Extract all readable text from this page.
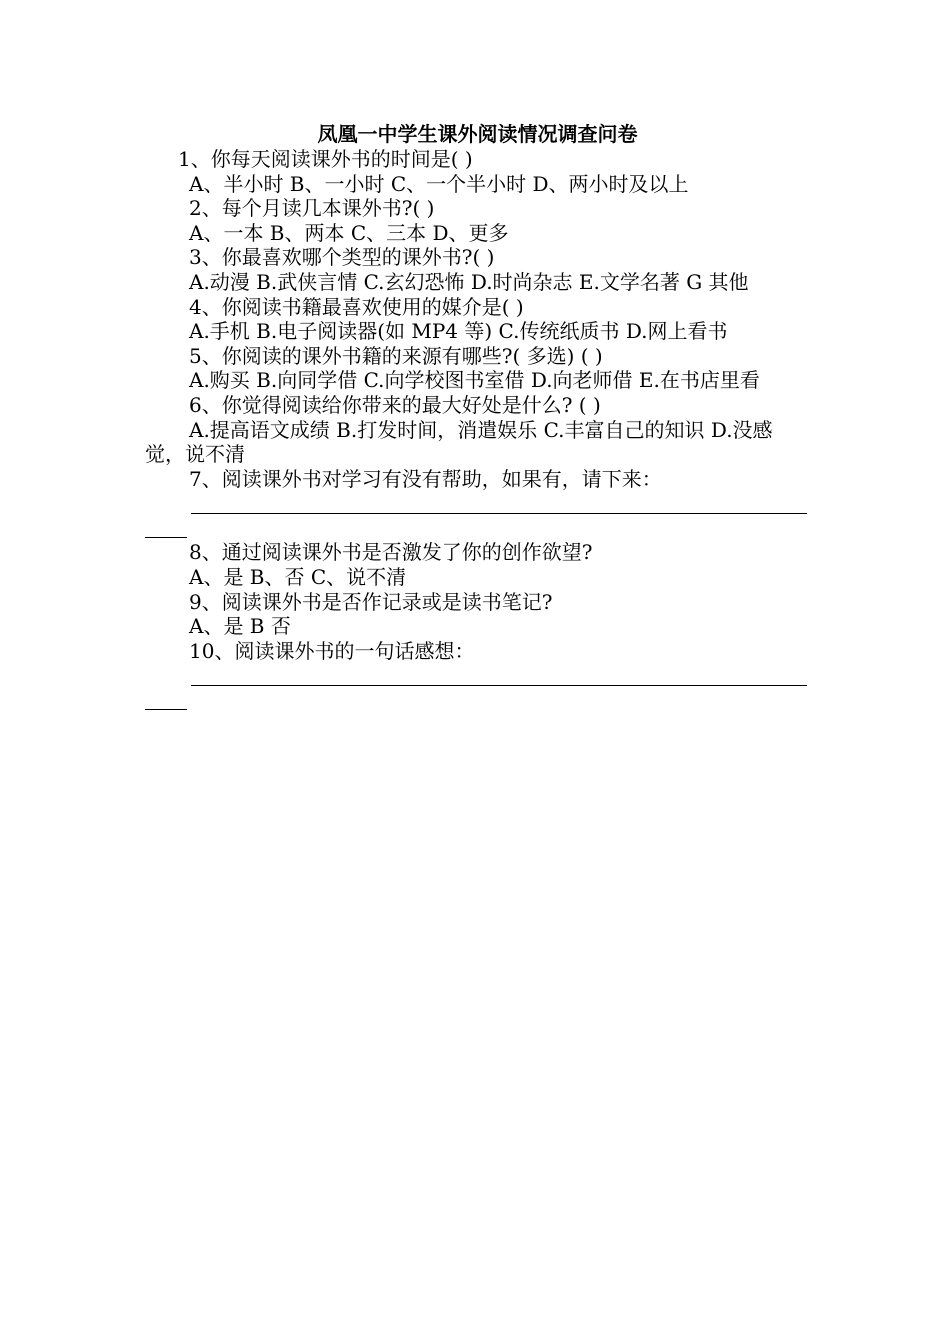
凤凰一中学生课外阅读情况调查问卷

1、你每天阅读课外书的时间是( )

A、半小时 B、一小时 C、一个半小时 D、两小时及以上

2、每个月读几本课外书?( )

A、一本 B、两本 C、三本 D、更多

3、你最喜欢哪个类型的课外书?( )

A.动漫 B.武侠言情 C.玄幻恐怖 D.时尚杂志 E.文学名著 G 其他

4、你阅读书籍最喜欢使用的媒介是( )

A.手机 B.电子阅读器(如 MP4 等) C.传统纸质书 D.网上看书

5、你阅读的课外书籍的来源有哪些?( 多选) ( )

A.购买 B.向同学借 C.向学校图书室借 D.向老师借 E.在书店里看

6、你觉得阅读给你带来的最大好处是什么? ( )

A.提高语文成绩 B.打发时间，消遣娱乐 C.丰富自己的知识 D.没感觉，说不清

7、阅读课外书对学习有没有帮助，如果有，请下来：

8、通过阅读课外书是否激发了你的创作欲望?

A、是 B、否 C、说不清

9、阅读课外书是否作记录或是读书笔记?

A、是 B 否

10、阅读课外书的一句话感想：
